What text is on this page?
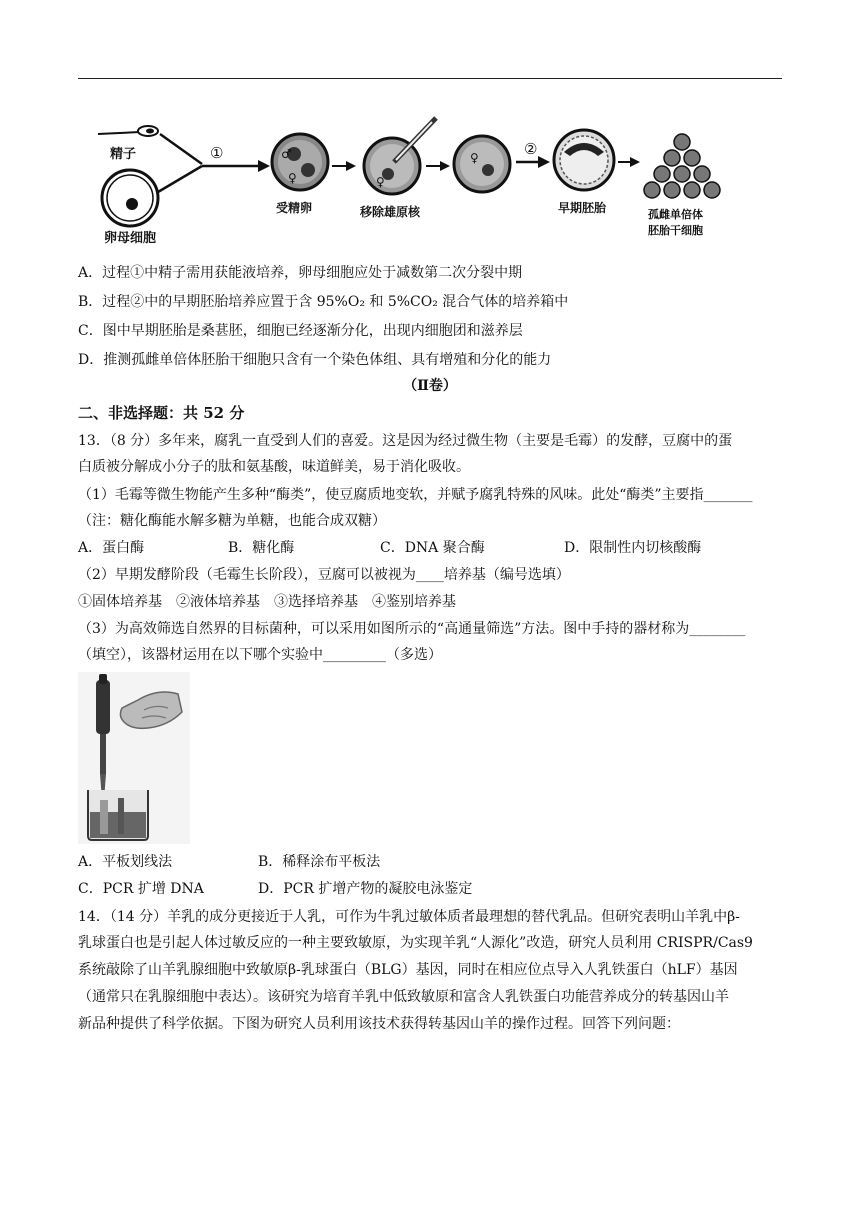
精子
卵母细胞
①	♂
♀
受精卵
♀
移除雄原核
♀	②
早期胚胎	孤雌单倍体
胚胎干细胞
A．过程①中精子需用获能液培养，卵母细胞应处于减数第二次分裂中期
B．过程②中的早期胚胎培养应置于含 95%O₂ 和 5%CO₂ 混合气体的培养箱中
C．图中早期胚胎是桑葚胚，细胞已经逐渐分化，出现内细胞团和滋养层
D．推测孤雌单倍体胚胎干细胞只含有一个染色体组、具有增殖和分化的能力
（Ⅱ卷）
二、非选择题：共 52 分
13．（8 分）多年来，腐乳一直受到人们的喜爱。这是因为经过微生物（主要是毛霉）的发酵，豆腐中的蛋
白质被分解成小分子的肽和氨基酸，味道鲜美，易于消化吸收。
（1）毛霉等微生物能产生多种“酶类”，使豆腐质地变软，并赋予腐乳特殊的风味。此处“酶类”主要指_______
（注：糖化酶能水解多糖为单糖，也能合成双糖）
A．蛋白酶	B．糖化酶	C．DNA 聚合酶	D．限制性内切核酸酶
（2）早期发酵阶段（毛霉生长阶段），豆腐可以被视为____培养基（编号选填）
①固体培养基　②液体培养基　③选择培养基　④鉴别培养基
（3）为高效筛选自然界的目标菌种，可以采用如图所示的“高通量筛选”方法。图中手持的器材称为________
（填空），该器材运用在以下哪个实验中_________（多选）
A．平板划线法	B．稀释涂布平板法
C．PCR 扩增 DNA	D．PCR 扩增产物的凝胶电泳鉴定
14．（14 分）羊乳的成分更接近于人乳，可作为牛乳过敏体质者最理想的替代乳品。但研究表明山羊乳中β-
乳球蛋白也是引起人体过敏反应的一种主要致敏原，为实现羊乳“人源化”改造，研究人员利用 CRISPR/Cas9
系统敲除了山羊乳腺细胞中致敏原β-乳球蛋白（BLG）基因，同时在相应位点导入人乳铁蛋白（hLF）基因
（通常只在乳腺细胞中表达）。该研究为培育羊乳中低致敏原和富含人乳铁蛋白功能营养成分的转基因山羊
新品种提供了科学依据。下图为研究人员利用该技术获得转基因山羊的操作过程。回答下列问题：
